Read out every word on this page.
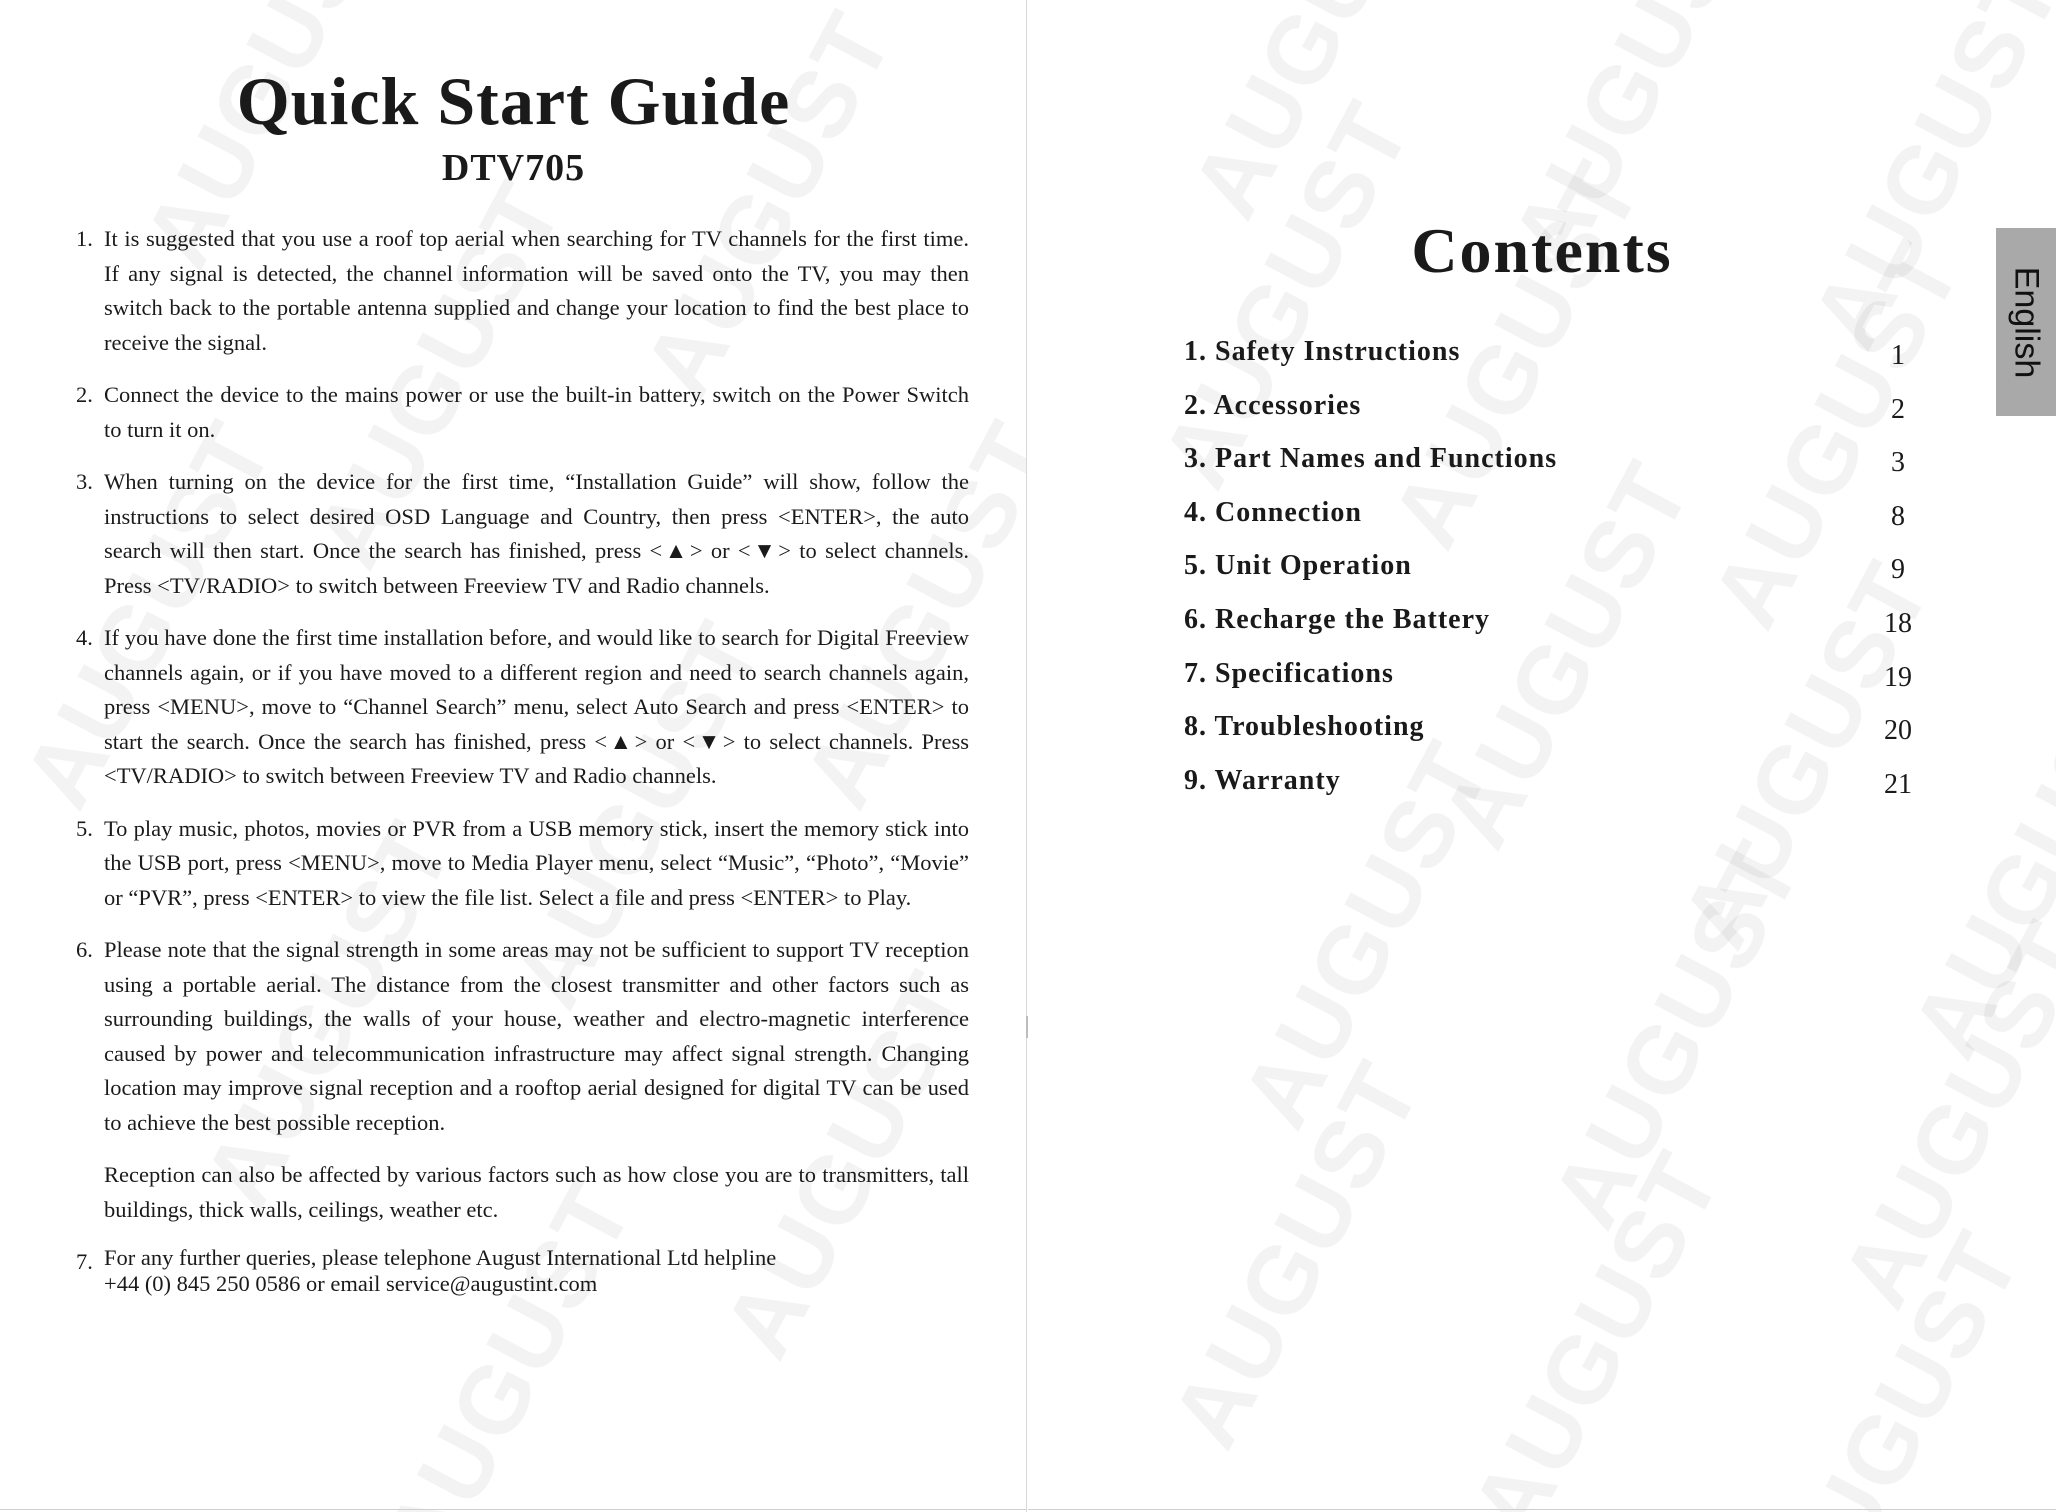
Quick Start Guide
DTV705
1. It is suggested that you use a roof top aerial when searching for TV channels for the first time. If any signal is detected, the channel information will be saved onto the TV, you may then switch back to the portable antenna supplied and change your location to find the best place to receive the signal.

2. Connect the device to the mains power or use the built-in battery, switch on the Power Switch to turn it on.

3. When turning on the device for the first time, “Installation Guide” will show, follow the instructions to select desired OSD Language and Country, then press <ENTER>, the auto search will then start. Once the search has finished, press <▲> or <▼> to select channels. Press <TV/RADIO> to switch between Freeview TV and Radio channels.

4. If you have done the first time installation before, and would like to search for Digital Freeview channels again, or if you have moved to a different region and need to search channels again, press <MENU>, move to “Channel Search” menu, select Auto Search and press <ENTER> to start the search. Once the search has finished, press <▲> or <▼> to select channels. Press <TV/RADIO> to switch between Freeview TV and Radio channels.

5. To play music, photos, movies or PVR from a USB memory stick, insert the memory stick into the USB port, press <MENU>, move to Media Player menu, select “Music”, “Photo”, “Movie” or “PVR”, press <ENTER> to view the file list. Select a file and press <ENTER> to Play.

6. Please note that the signal strength in some areas may not be sufficient to support TV reception using a portable aerial. The distance from the closest transmitter and other factors such as surrounding buildings, the walls of your house, weather and electro-magnetic interference caused by power and telecommunication infrastructure may affect signal strength. Changing location may improve signal reception and a rooftop aerial designed for digital TV can be used to achieve the best possible reception.

Reception can also be affected by various factors such as how close you are to transmitters, tall buildings, thick walls, ceilings, weather etc.

7. For any further queries, please telephone August International Ltd helpline

+44 (0) 845 250 0586 or email service@augustint.com

Contents
1. Safety Instructions	1
2. Accessories	2
3. Part Names and Functions	3
4. Connection	8
5. Unit Operation	9
6. Recharge the Battery	18
7. Specifications	19
8. Troubleshooting	20
9. Warranty	21
English
